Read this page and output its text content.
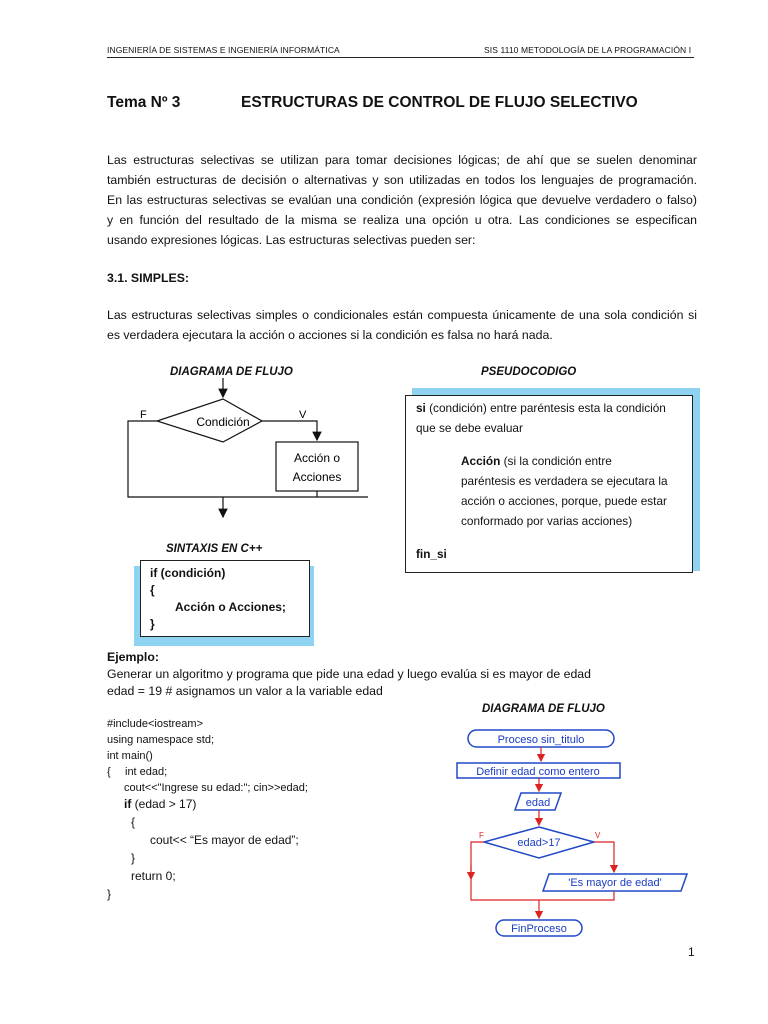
INGENIERÍA DE SISTEMAS E INGENIERÍA INFORMÁTICA	SIS 1110 METODOLOGÍA DE LA PROGRAMACIÓN I
Tema Nº 3	ESTRUCTURAS DE CONTROL DE FLUJO SELECTIVO
Las estructuras selectivas se utilizan para tomar decisiones lógicas; de ahí que se suelen denominar
también estructuras de decisión o alternativas y son utilizadas en todos los lenguajes de programación.
En las estructuras selectivas se evalúan una condición (expresión lógica que devuelve verdadero o falso)
y en función del resultado de la misma se realiza una opción u otra. Las condiciones se especifican
usando expresiones lógicas. Las estructuras selectivas pueden ser:
3.1. SIMPLES:
Las estructuras selectivas simples o condicionales están compuesta únicamente de una sola condición si
es verdadera ejecutara la acción o acciones si la condición es falsa no hará nada.
DIAGRAMA DE FLUJO
Condición
Acción o
Acciones
F	V
PSEUDOCODIGO
si (condición) entre paréntesis esta la condición
que se debe evaluar
Acción (si la condición entre
paréntesis es verdadera se ejecutara la
acción o acciones, porque, puede estar
conformado por varias acciones)
fin_si
SINTAXIS EN C++
if (condición)
{
Acción o Acciones;
}
Ejemplo:
Generar un algoritmo y programa que pide una edad y luego evalúa si es mayor de edad
edad = 19 # asignamos un valor a la variable edad
#include<iostream>
using namespace std;
int main()
{ int edad;
cout<<"Ingrese su edad:"; cin>>edad;
if (edad > 17)
{
cout<< “Es mayor de edad”;
}
return 0;
}
DIAGRAMA DE FLUJO
Proceso sin_titulo
Definir edad como entero
edad
edad>17
F	V
'Es mayor de edad'
FinProceso
1
